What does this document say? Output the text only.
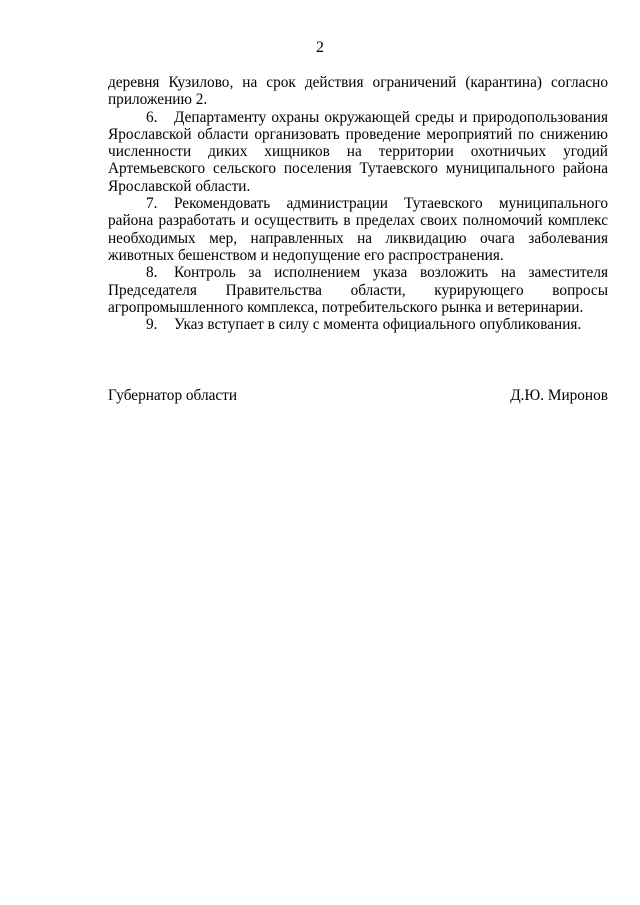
2

деревня Кузилово, на срок действия ограничений (карантина) согласно приложению 2.

6. Департаменту охраны окружающей среды и природопользования Ярославской области организовать проведение мероприятий по снижению численности диких хищников на территории охотничьих угодий Артемьевского сельского поселения Тутаевского муниципального района Ярославской области.

7. Рекомендовать администрации Тутаевского муниципального района разработать и осуществить в пределах своих полномочий комплекс необходимых мер, направленных на ликвидацию очага заболевания животных бешенством и недопущение его распространения.

8. Контроль за исполнением указа возложить на заместителя Председателя Правительства области, курирующего вопросы агропромышленного комплекса, потребительского рынка и ветеринарии.

9. Указ вступает в силу с момента официального опубликования.

Губернатор области	Д.Ю. Миронов
